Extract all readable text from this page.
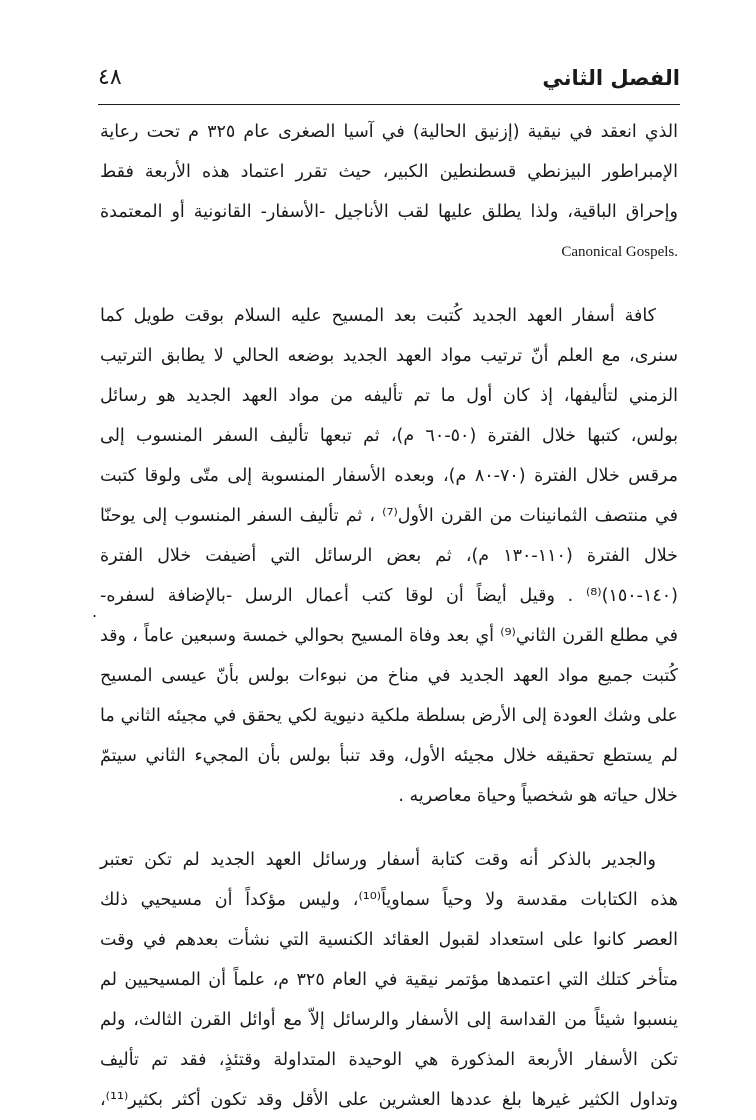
٤٨	الفصل الثاني
.
الذي انعقد في نيقية (إزنيق الحالية) في آسيا الصغرى عام ٣٢٥ م تحت رعاية
الإمبراطور البيزنطي قسطنطين الكبير، حيث تقرر اعتماد هذه الأربعة فقط
وإحراق الباقية، ولذا يطلق عليها لقب الأناجيل -الأسفار- القانونية أو المعتمدة
.Canonical Gospels
كافة أسفار العهد الجديد كُتبت بعد المسيح عليه السلام بوقت طويل كما
سنرى، مع العلم أنّ ترتيب مواد العهد الجديد بوضعه الحالي لا يطابق الترتيب
الزمني لتأليفها، إذ كان أول ما تم تأليفه من مواد العهد الجديد هو رسائل
بولس، كتبها خلال الفترة (٥٠-٦٠ م)، ثم تبعها تأليف السفر المنسوب إلى
مرقس خلال الفترة (٧٠-٨٠ م)، وبعده الأسفار المنسوبة إلى متّى ولوقا كتبت
في منتصف الثمانينات من القرن الأول⁽⁷⁾ ، ثم تأليف السفر المنسوب إلى يوحنّا
خلال الفترة (١١٠-١٣٠ م)، ثم بعض الرسائل التي أضيفت خلال الفترة
(١٤٠-١٥٠)⁽⁸⁾ . وقيل أيضاً أن لوقا كتب أعمال الرسل -بالإضافة لسفره-
في مطلع القرن الثاني⁽⁹⁾ أي بعد وفاة المسيح بحوالي خمسة وسبعين عاماً ، وقد
كُتبت جميع مواد العهد الجديد في مناخ من نبوءات بولس بأنّ عيسى المسيح
على وشك العودة إلى الأرض بسلطة ملكية دنيوية لكي يحقق في مجيئه الثاني ما
لم يستطع تحقيقه خلال مجيئه الأول، وقد تنبأ بولس بأن المجيء الثاني سيتمّ
خلال حياته هو شخصياً وحياة معاصريه .
والجدير بالذكر أنه وقت كتابة أسفار ورسائل العهد الجديد لم تكن تعتبر
هذه الكتابات مقدسة ولا وحياً سماوياً⁽¹⁰⁾، وليس مؤكداً أن مسيحيي ذلك
العصر كانوا على استعداد لقبول العقائد الكنسية التي نشأت بعدهم في وقت
متأخر كتلك التي اعتمدها مؤتمر نيقية في العام ٣٢٥ م، علماً أن المسيحيين لم
ينسبوا شيئاً من القداسة إلى الأسفار والرسائل إلاّ مع أوائل القرن الثالث، ولم
تكن الأسفار الأربعة المذكورة هي الوحيدة المتداولة وقتئذٍ، فقد تم تأليف
وتداول الكثير غيرها بلغ عددها العشرين على الأقل وقد تكون أكثر بكثير⁽¹¹⁾،
